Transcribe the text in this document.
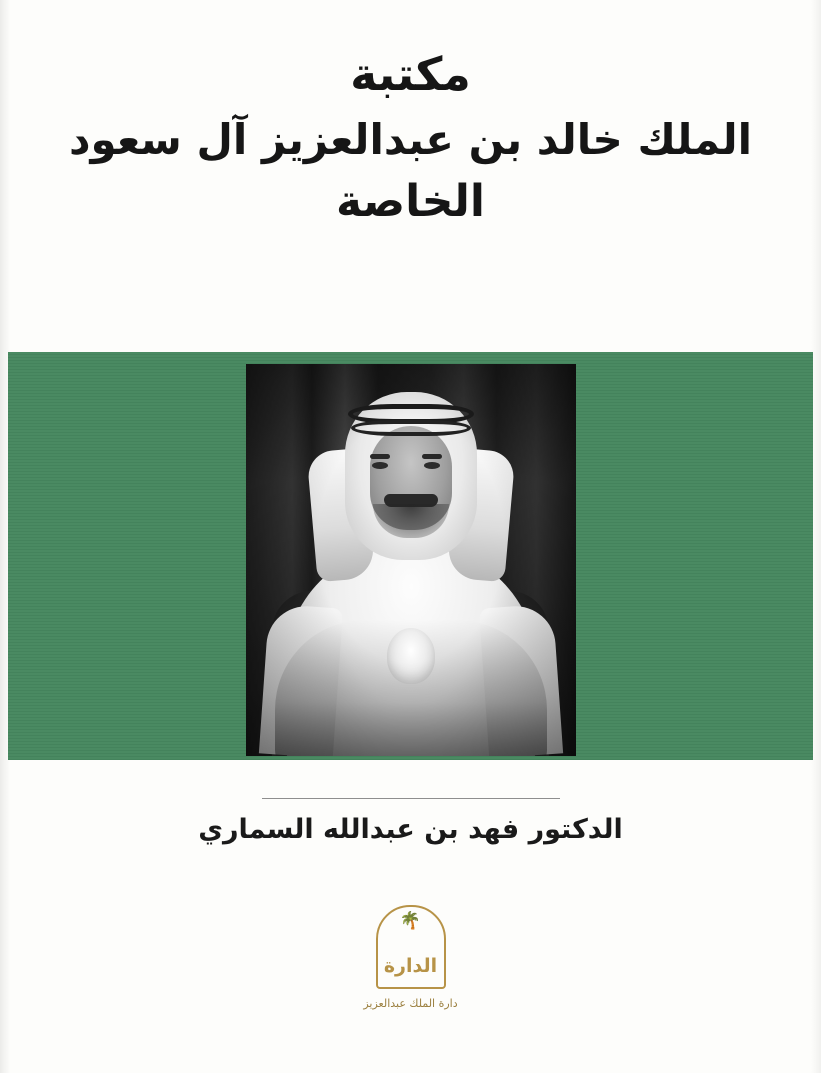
مكتبة
الملك خالد بن عبدالعزيز آل سعود
الخاصة
الدكتور فهد بن عبدالله السماري
🌴
الدارة
دارة الملك عبدالعزيز
